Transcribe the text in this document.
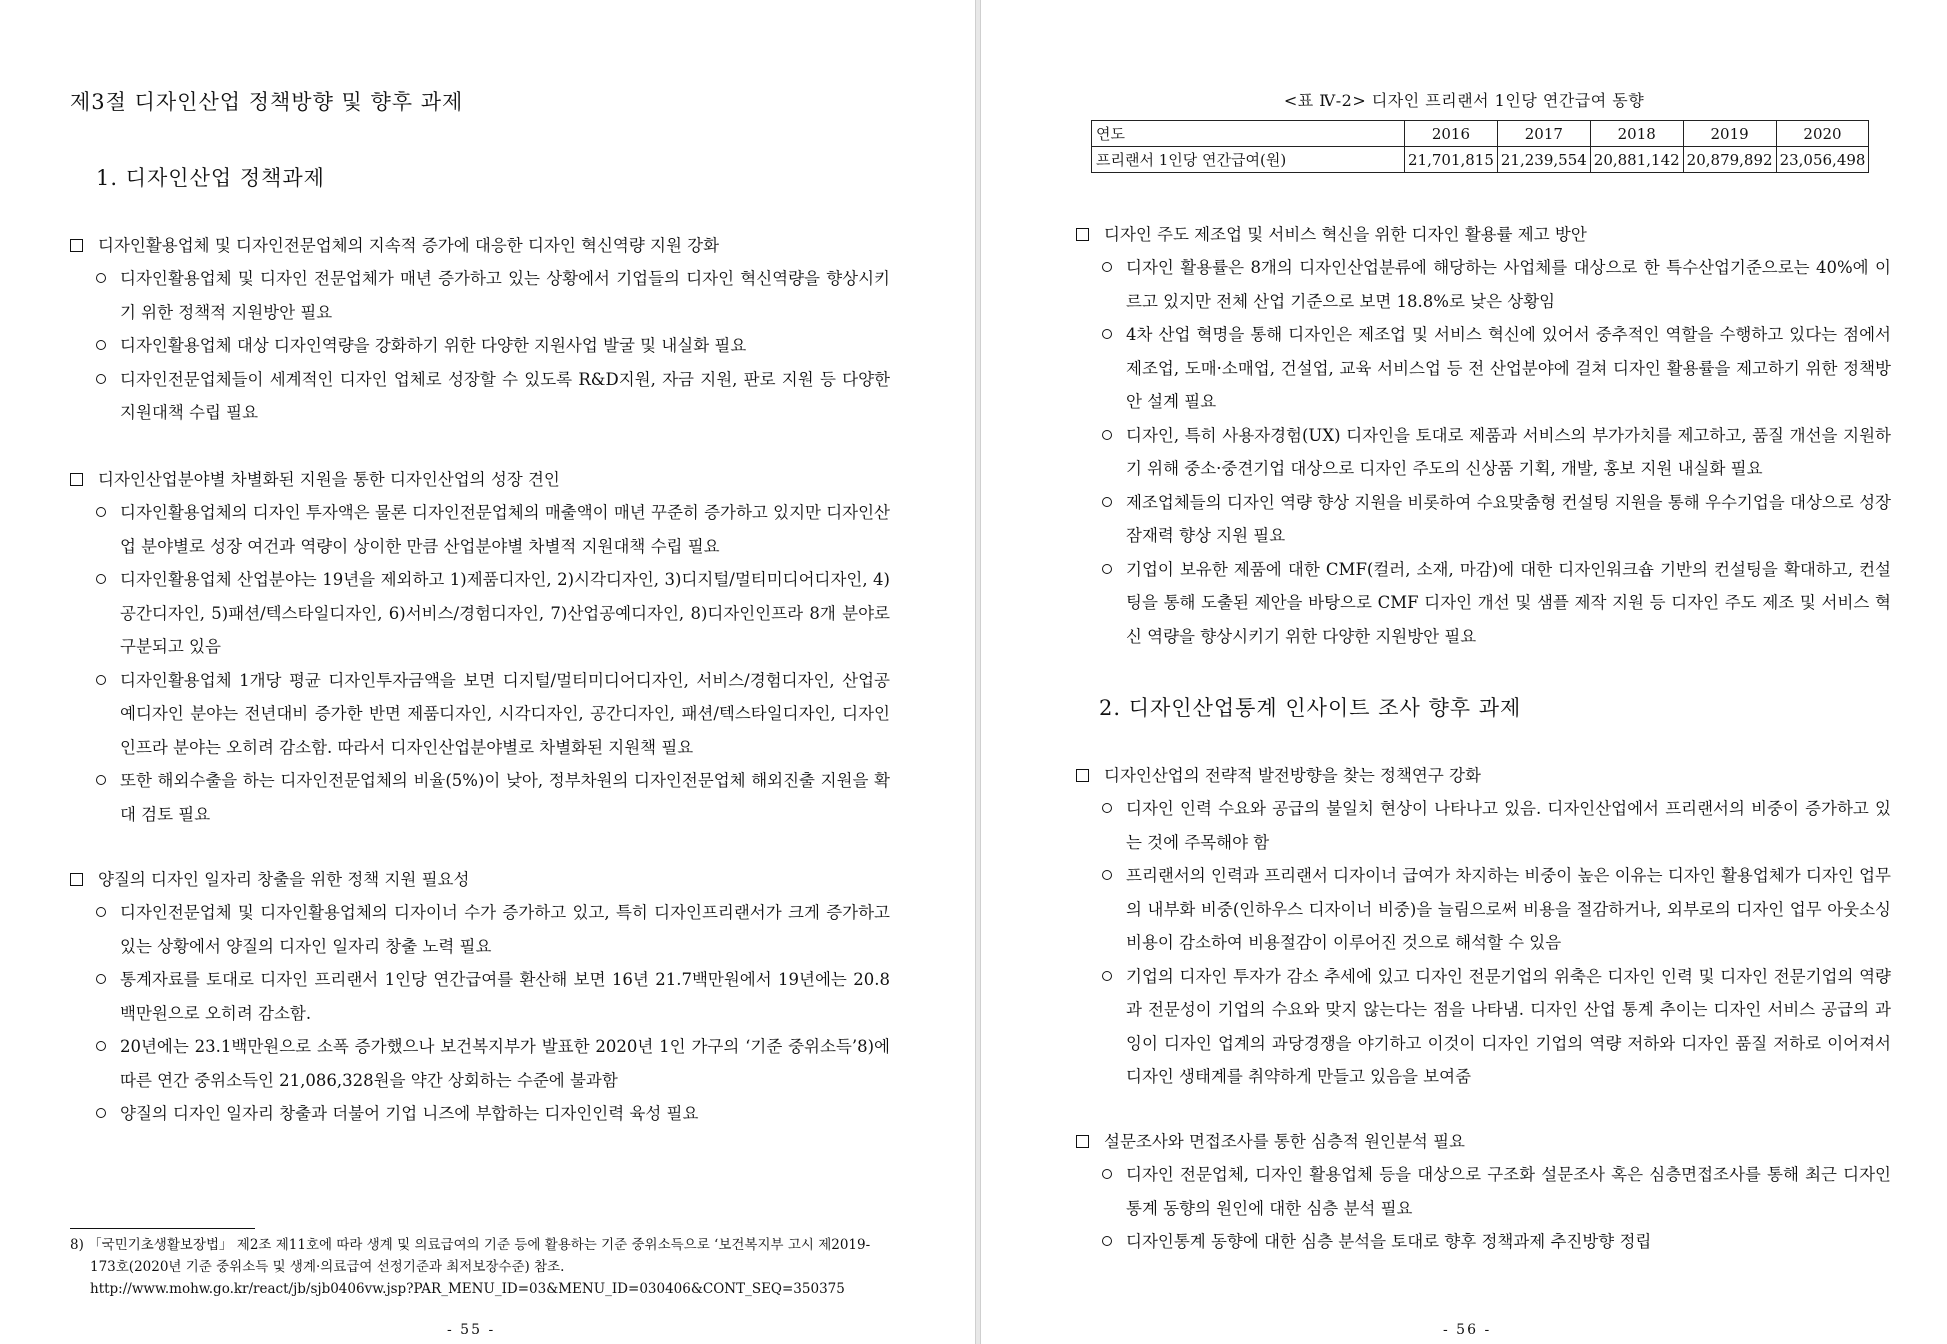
제3절 디자인산업 정책방향 및 향후 과제
1. 디자인산업 정책과제
디자인활용업체 및 디자인전문업체의 지속적 증가에 대응한 디자인 혁신역량 지원 강화
디자인활용업체 및 디자인 전문업체가 매년 증가하고 있는 상황에서 기업들의 디자인 혁신역량을 향상시키기 위한 정책적 지원방안 필요
디자인활용업체 대상 디자인역량을 강화하기 위한 다양한 지원사업 발굴 및 내실화 필요
디자인전문업체들이 세계적인 디자인 업체로 성장할 수 있도록 R&D지원, 자금 지원, 판로 지원 등 다양한 지원대책 수립 필요
디자인산업분야별 차별화된 지원을 통한 디자인산업의 성장 견인
디자인활용업체의 디자인 투자액은 물론 디자인전문업체의 매출액이 매년 꾸준히 증가하고 있지만 디자인산업 분야별로 성장 여건과 역량이 상이한 만큼 산업분야별 차별적 지원대책 수립 필요
디자인활용업체 산업분야는 19년을 제외하고 1)제품디자인, 2)시각디자인, 3)디지털/멀티미디어디자인, 4)공간디자인, 5)패션/텍스타일디자인, 6)서비스/경험디자인, 7)산업공예디자인, 8)디자인인프라 8개 분야로 구분되고 있음
디자인활용업체 1개당 평균 디자인투자금액을 보면 디지털/멀티미디어디자인, 서비스/경험디자인, 산업공예디자인 분야는 전년대비 증가한 반면 제품디자인, 시각디자인, 공간디자인, 패션/텍스타일디자인, 디자인 인프라 분야는 오히려 감소함. 따라서 디자인산업분야별로 차별화된 지원책 필요
또한 해외수출을 하는 디자인전문업체의 비율(5%)이 낮아, 정부차원의 디자인전문업체 해외진출 지원을 확대 검토 필요
양질의 디자인 일자리 창출을 위한 정책 지원 필요성
디자인전문업체 및 디자인활용업체의 디자이너 수가 증가하고 있고, 특히 디자인프리랜서가 크게 증가하고 있는 상황에서 양질의 디자인 일자리 창출 노력 필요
통계자료를 토대로 디자인 프리랜서 1인당 연간급여를 환산해 보면 16년 21.7백만원에서 19년에는 20.8백만원으로 오히려 감소함.
20년에는 23.1백만원으로 소폭 증가했으나 보건복지부가 발표한 2020년 1인 가구의 ‘기준 중위소득’8)에 따른 연간 중위소득인 21,086,328원을 약간 상회하는 수준에 불과함
양질의 디자인 일자리 창출과 더불어 기업 니즈에 부합하는 디자인인력 육성 필요
8) 「국민기초생활보장법」 제2조 제11호에 따라 생계 및 의료급여의 기준 등에 활용하는 기준 중위소득으로 ‘보건복지부 고시 제2019-173호(2020년 기준 중위소득 및 생계·의료급여 선정기준과 최저보장수준) 참조.
http://www.mohw.go.kr/react/jb/sjb0406vw.jsp?PAR_MENU_ID=03&MENU_ID=030406&CONT_SEQ=350375
- 55 -
<표 Ⅳ-2> 디자인 프리랜서 1인당 연간급여 동향
연도	2016	2017	2018	2019	2020
프리랜서 1인당 연간급여(원)	21,701,815	21,239,554	20,881,142	20,879,892	23,056,498
디자인 주도 제조업 및 서비스 혁신을 위한 디자인 활용률 제고 방안
디자인 활용률은 8개의 디자인산업분류에 해당하는 사업체를 대상으로 한 특수산업기준으로는 40%에 이르고 있지만 전체 산업 기준으로 보면 18.8%로 낮은 상황임
4차 산업 혁명을 통해 디자인은 제조업 및 서비스 혁신에 있어서 중추적인 역할을 수행하고 있다는 점에서 제조업, 도매·소매업, 건설업, 교육 서비스업 등 전 산업분야에 걸쳐 디자인 활용률을 제고하기 위한 정책방안 설계 필요
디자인, 특히 사용자경험(UX) 디자인을 토대로 제품과 서비스의 부가가치를 제고하고, 품질 개선을 지원하기 위해 중소·중견기업 대상으로 디자인 주도의 신상품 기획, 개발, 홍보 지원 내실화 필요
제조업체들의 디자인 역량 향상 지원을 비롯하여 수요맞춤형 컨설팅 지원을 통해 우수기업을 대상으로 성장잠재력 향상 지원 필요
기업이 보유한 제품에 대한 CMF(컬러, 소재, 마감)에 대한 디자인워크숍 기반의 컨설팅을 확대하고, 컨설팅을 통해 도출된 제안을 바탕으로 CMF 디자인 개선 및 샘플 제작 지원 등 디자인 주도 제조 및 서비스 혁신 역량을 향상시키기 위한 다양한 지원방안 필요
2. 디자인산업통계 인사이트 조사 향후 과제
디자인산업의 전략적 발전방향을 찾는 정책연구 강화
디자인 인력 수요와 공급의 불일치 현상이 나타나고 있음. 디자인산업에서 프리랜서의 비중이 증가하고 있는 것에 주목해야 함
프리랜서의 인력과 프리랜서 디자이너 급여가 차지하는 비중이 높은 이유는 디자인 활용업체가 디자인 업무의 내부화 비중(인하우스 디자이너 비중)을 늘림으로써 비용을 절감하거나, 외부로의 디자인 업무 아웃소싱 비용이 감소하여 비용절감이 이루어진 것으로 해석할 수 있음
기업의 디자인 투자가 감소 추세에 있고 디자인 전문기업의 위축은 디자인 인력 및 디자인 전문기업의 역량과 전문성이 기업의 수요와 맞지 않는다는 점을 나타냄. 디자인 산업 통계 추이는 디자인 서비스 공급의 과잉이 디자인 업계의 과당경쟁을 야기하고 이것이 디자인 기업의 역량 저하와 디자인 품질 저하로 이어져서 디자인 생태계를 취약하게 만들고 있음을 보여줌
설문조사와 면접조사를 통한 심층적 원인분석 필요
디자인 전문업체, 디자인 활용업체 등을 대상으로 구조화 설문조사 혹은 심층면접조사를 통해 최근 디자인통계 동향의 원인에 대한 심층 분석 필요
디자인통계 동향에 대한 심층 분석을 토대로 향후 정책과제 추진방향 정립
- 56 -
